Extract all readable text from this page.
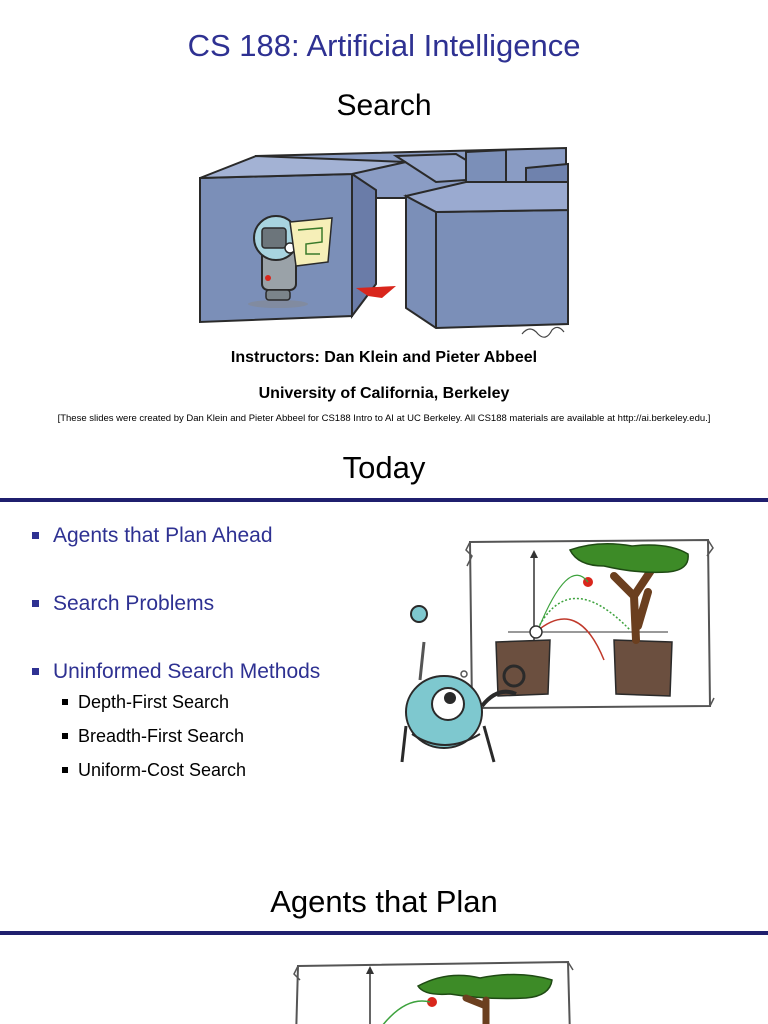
CS 188: Artificial Intelligence
Search
Instructors: Dan Klein and Pieter Abbeel
University of California, Berkeley
[These slides were created by Dan Klein and Pieter Abbeel for CS188 Intro to AI at UC Berkeley. All CS188 materials are available at http://ai.berkeley.edu.]
Today
Agents that Plan Ahead
Search Problems
Uninformed Search Methods
Depth-First Search
Breadth-First Search
Uniform-Cost Search
Agents that Plan
